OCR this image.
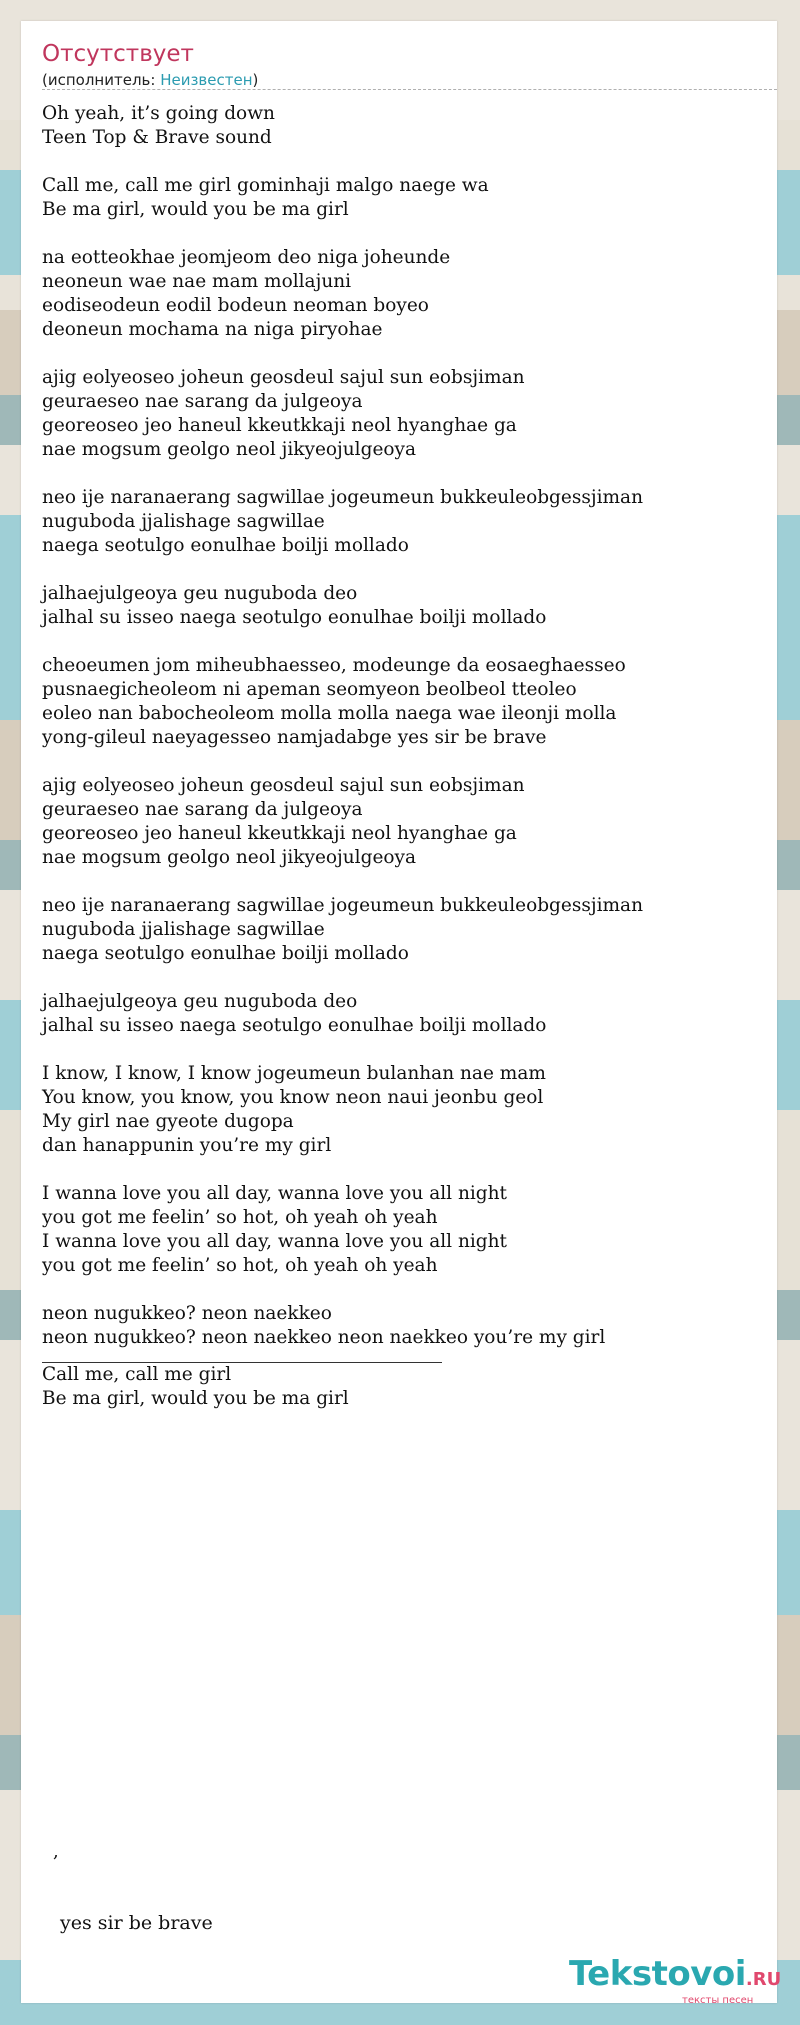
Отсутствует
(исполнитель: Неизвестен)
Oh yeah, it’s going down
Teen Top & Brave sound
Call me, call me girl gominhaji malgo naege wa
Be ma girl, would you be ma girl
na eotteokhae jeomjeom deo niga joheunde
neoneun wae nae mam mollajuni
eodiseodeun eodil bodeun neoman boyeo
deoneun mochama na niga piryohae
ajig eolyeoseo joheun geosdeul sajul sun eobsjiman
geuraeseo nae sarang da julgeoya
georeoseo jeo haneul kkeutkkaji neol hyanghae ga
nae mogsum geolgo neol jikyeojulgeoya
neo ije naranaerang sagwillae jogeumeun bukkeuleobgessjiman
nuguboda jjalishage sagwillae
naega seotulgo eonulhae boilji mollado
jalhaejulgeoya geu nuguboda deo
jalhal su isseo naega seotulgo eonulhae boilji mollado
cheoeumen jom miheubhaesseo, modeunge da eosaeghaesseo
pusnaegicheoleom ni apeman seomyeon beolbeol tteoleo
eoleo nan babocheoleom molla molla naega wae ileonji molla
yong-gileul naeyagesseo namjadabge yes sir be brave
ajig eolyeoseo joheun geosdeul sajul sun eobsjiman
geuraeseo nae sarang da julgeoya
georeoseo jeo haneul kkeutkkaji neol hyanghae ga
nae mogsum geolgo neol jikyeojulgeoya
neo ije naranaerang sagwillae jogeumeun bukkeuleobgessjiman
nuguboda jjalishage sagwillae
naega seotulgo eonulhae boilji mollado
jalhaejulgeoya geu nuguboda deo
jalhal su isseo naega seotulgo eonulhae boilji mollado
I know, I know, I know jogeumeun bulanhan nae mam
You know, you know, you know neon naui jeonbu geol
My girl nae gyeote dugopa
dan hanappunin you’re my girl
I wanna love you all day, wanna love you all night
you got me feelin’ so hot, oh yeah oh yeah
I wanna love you all day, wanna love you all night
you got me feelin’ so hot, oh yeah oh yeah
neon nugukkeo? neon naekkeo
neon nugukkeo? neon naekkeo neon naekkeo you’re my girl
Call me, call me girl
Be ma girl, would you be ma girl
,
yes sir be brave
Tekstovoi.RU
тексты песен
